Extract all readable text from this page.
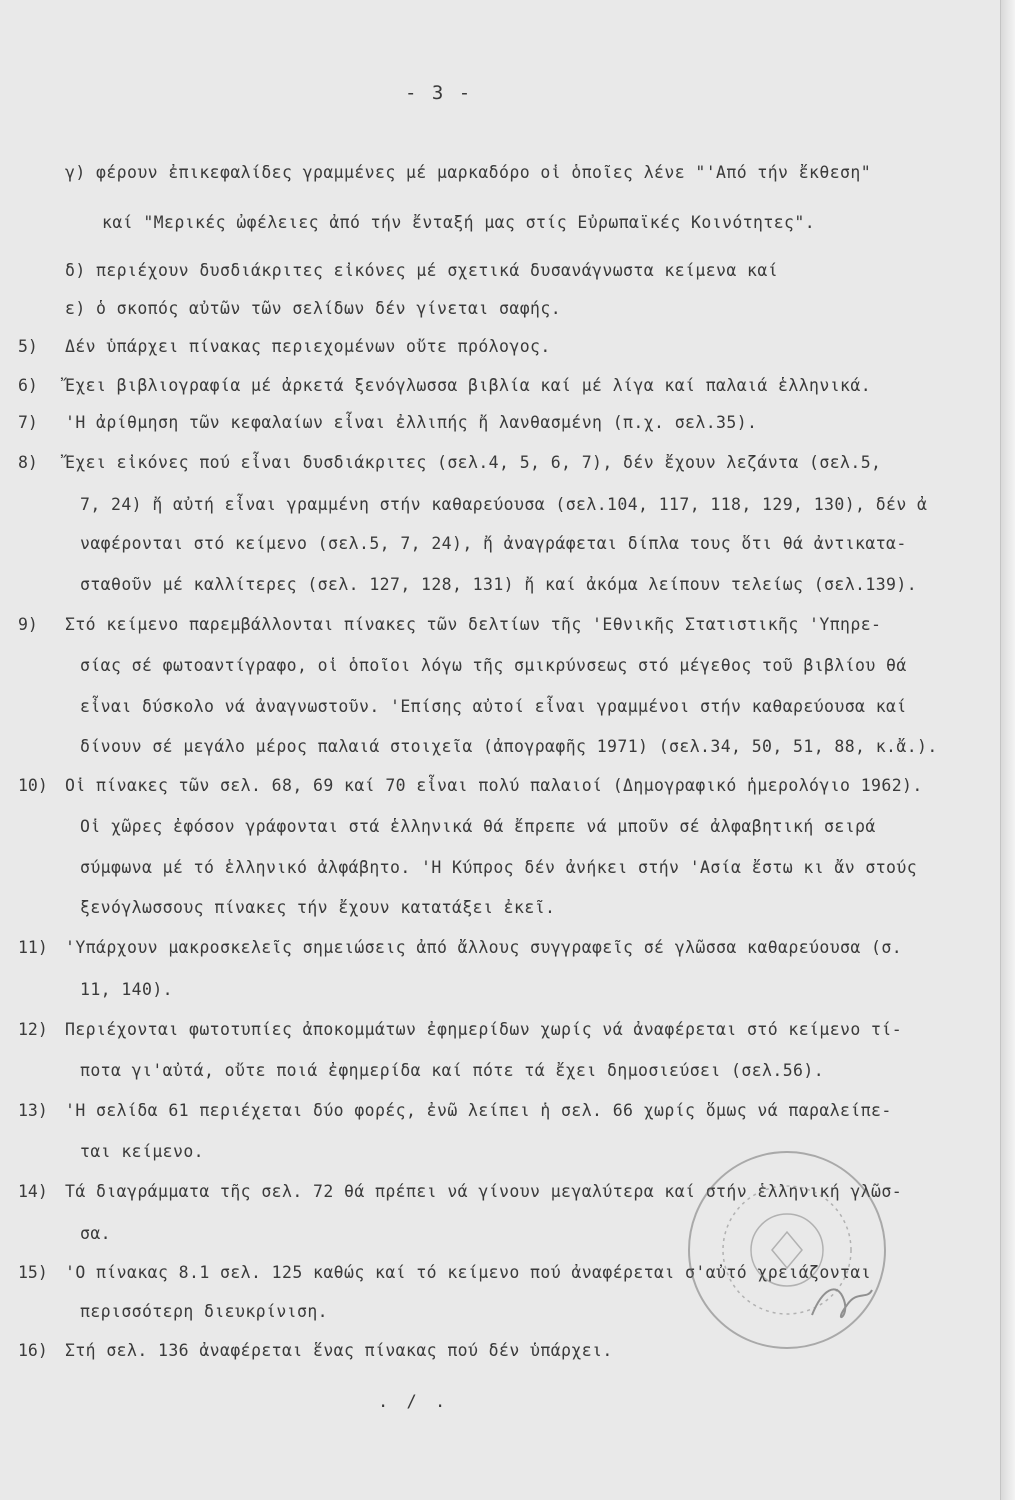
- 3 -
γ) φέρουν ἐπικεφαλίδες γραμμένες μέ μαρκαδόρο οἱ ὁποῖες λένε "'Από τήν ἔκθεση"
καί "Μερικές ὠφέλειες ἀπό τήν ἔνταξή μας στίς Εὐρωπαϊκές Κοινότητες".
δ) περιέχουν δυσδιάκριτες εἰκόνες μέ σχετικά δυσανάγνωστα κείμενα καί
ε) ὁ σκοπός αὐτῶν τῶν σελίδων δέν γίνεται σαφής.
5) Δέν ὑπάρχει πίνακας περιεχομένων οὔτε πρόλογος.
6) Ἔχει βιβλιογραφία μέ ἀρκετά ξενόγλωσσα βιβλία καί μέ λίγα καί παλαιά ἑλληνικά.
7) 'Η ἀρίθμηση τῶν κεφαλαίων εἶναι ἐλλιπής ἤ λανθασμένη (π.χ. σελ.35).
8) Ἔχει εἰκόνες πού εἶναι δυσδιάκριτες (σελ.4, 5, 6, 7), δέν ἔχουν λεζάντα (σελ.5,
7, 24) ἤ αὐτή εἶναι γραμμένη στήν καθαρεύουσα (σελ.104, 117, 118, 129, 130), δέν ἀ
ναφέρονται στό κείμενο (σελ.5, 7, 24), ἤ ἀναγράφεται δίπλα τους ὅτι θά ἀντικατα-
σταθοῦν μέ καλλίτερες (σελ. 127, 128, 131) ἤ καί ἀκόμα λείπουν τελείως (σελ.139).
9) Στό κείμενο παρεμβάλλονται πίνακες τῶν δελτίων τῆς 'Εθνικῆς Στατιστικῆς 'Υπηρε-
σίας σέ φωτοαντίγραφο, οἱ ὁποῖοι λόγω τῆς σμικρύνσεως στό μέγεθος τοῦ βιβλίου θά
εἶναι δύσκολο νά ἀναγνωστοῦν. 'Επίσης αὐτοί εἶναι γραμμένοι στήν καθαρεύουσα καί
δίνουν σέ μεγάλο μέρος παλαιά στοιχεῖα (ἀπογραφῆς 1971) (σελ.34, 50, 51, 88, κ.ἄ.).
10) Οἱ πίνακες τῶν σελ. 68, 69 καί 70 εἶναι πολύ παλαιοί (Δημογραφικό ἡμερολόγιο 1962).
Οἱ χῶρες ἐφόσον γράφονται στά ἑλληνικά θά ἔπρεπε νά μποῦν σέ ἀλφαβητική σειρά
σύμφωνα μέ τό ἑλληνικό ἀλφάβητο. 'Η Κύπρος δέν ἀνήκει στήν 'Ασία ἔστω κι ἄν στούς
ξενόγλωσσους πίνακες τήν ἔχουν κατατάξει ἐκεῖ.
11) 'Υπάρχουν μακροσκελεῖς σημειώσεις ἀπό ἄλλους συγγραφεῖς σέ γλῶσσα καθαρεύουσα (σ.
11, 140).
12) Περιέχονται φωτοτυπίες ἀποκομμάτων ἐφημερίδων χωρίς νά ἀναφέρεται στό κείμενο τί-
ποτα γι'αὐτά, οὔτε ποιά ἐφημερίδα καί πότε τά ἔχει δημοσιεύσει (σελ.56).
13) 'Η σελίδα 61 περιέχεται δύο φορές, ἐνῶ λείπει ἡ σελ. 66 χωρίς ὅμως νά παραλείπε-
ται κείμενο.
14) Τά διαγράμματα τῆς σελ. 72 θά πρέπει νά γίνουν μεγαλύτερα καί στήν ἑλληνική γλῶσ-
σα.
15) 'Ο πίνακας 8.1 σελ. 125 καθώς καί τό κείμενο πού ἀναφέρεται σ'αὐτό χρειάζονται
περισσότερη διευκρίνιση.
16) Στή σελ. 136 ἀναφέρεται ἕνας πίνακας πού δέν ὑπάρχει.
. / .
